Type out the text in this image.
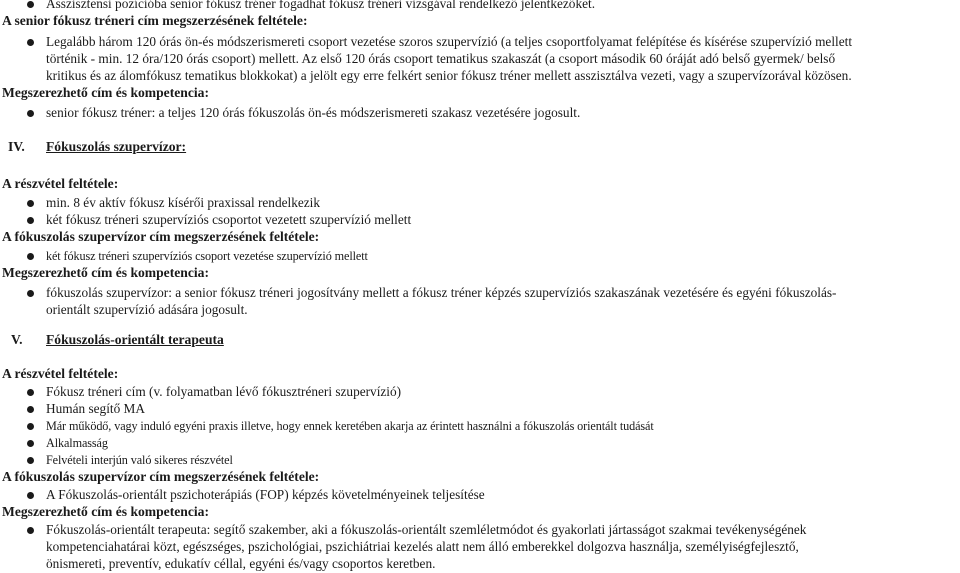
Asszisztensi pozícióba senior fókusz tréner fogadhat fókusz tréneri vizsgával rendelkező jelentkezőket.
A senior fókusz tréneri cím megszerzésének feltétele:
Legalább három 120 órás ön-és módszerismereti csoport vezetése szoros szupervízió (a teljes csoportfolyamat felépítése és kísérése szupervízió mellett
történik - min. 12 óra/120 órás csoport) mellett. Az első 120 órás csoport tematikus szakaszát (a csoport második 60 óráját adó belső gyermek/ belső
kritikus és az álomfókusz tematikus blokkokat) a jelölt egy erre felkért senior fókusz tréner mellett asszisztálva vezeti, vagy a szupervízorával közösen.
Megszerezhető cím és kompetencia:
senior fókusz tréner: a teljes 120 órás fókuszolás ön-és módszerismereti szakasz vezetésére jogosult.
IV. Fókuszolás szupervízor:
A részvétel feltétele:
min. 8 év aktív fókusz kísérői praxissal rendelkezik
két fókusz tréneri szupervíziós csoportot vezetett szupervízió mellett
A fókuszolás szupervízor cím megszerzésének feltétele:
két fókusz tréneri szupervíziós csoport vezetése szupervízió mellett
Megszerezhető cím és kompetencia:
fókuszolás szupervízor: a senior fókusz tréneri jogosítvány mellett a fókusz tréner képzés szupervíziós szakaszának vezetésére és egyéni fókuszolás-
orientált szupervízió adására jogosult.
V. Fókuszolás-orientált terapeuta
A részvétel feltétele:
Fókusz tréneri cím (v. folyamatban lévő fókusztréneri szupervízió)
Humán segítő MA
Már működő, vagy induló egyéni praxis illetve, hogy ennek keretében akarja az érintett használni a fókuszolás orientált tudását
Alkalmasság
Felvételi interjún való sikeres részvétel
A fókuszolás szupervízor cím megszerzésének feltétele:
A Fókuszolás-orientált pszichoterápiás (FOP) képzés követelményeinek teljesítése
Megszerezhető cím és kompetencia:
Fókuszolás-orientált terapeuta: segítő szakember, aki a fókuszolás-orientált szemléletmódot és gyakorlati jártasságot szakmai tevékenységének
kompetenciahatárai közt, egészséges, pszichológiai, pszichiátriai kezelés alatt nem álló emberekkel dolgozva használja, személyiségfejlesztő,
önismereti, preventív, edukatív céllal, egyéni és/vagy csoportos keretben.
